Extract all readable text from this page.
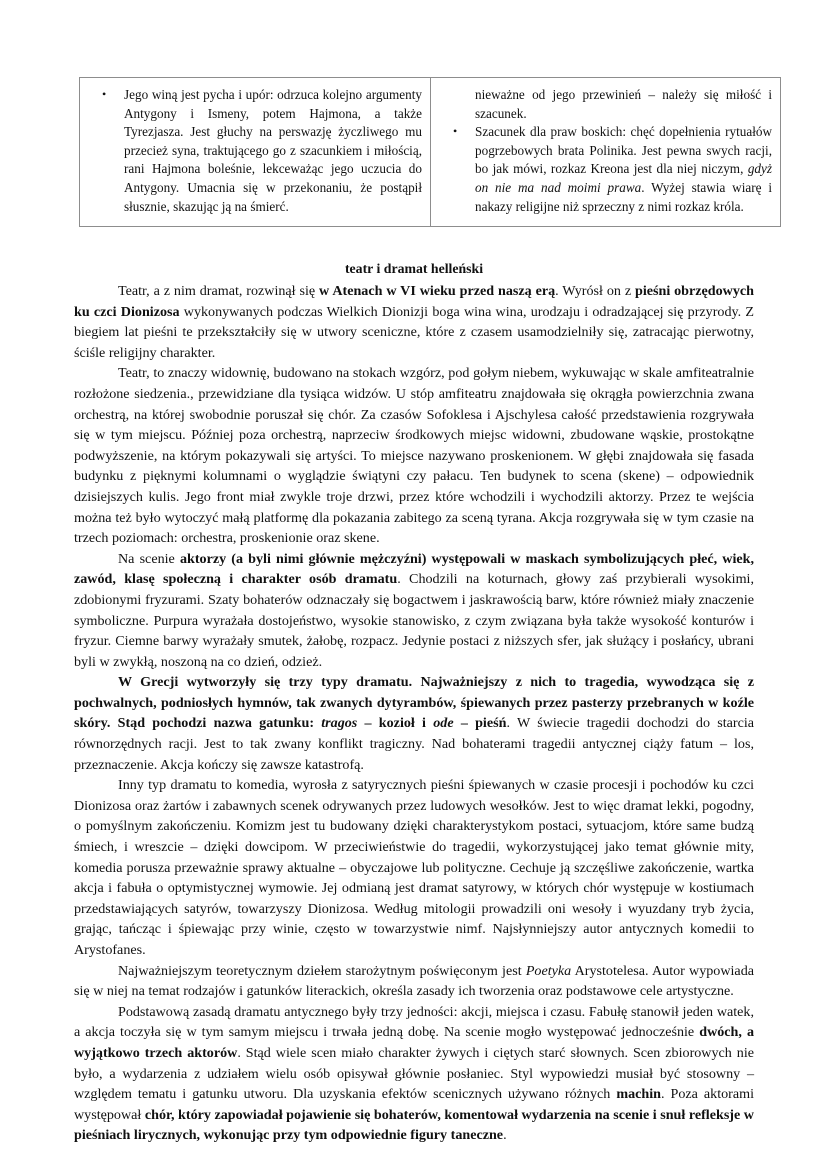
• Jego winą jest pycha i upór: odrzuca kolejno argumenty Antygony i Ismeny, potem Hajmona, a także Tyrezjasza. Jest głuchy na perswazję życzliwego mu przecież syna, traktującego go z szacunkiem i miłością, rani Hajmona boleśnie, lekceważąc jego uczucia do Antygony. Umacnia się w przekonaniu, że postąpił słusznie, skazując ją na śmierć.

nieważne od jego przewinień – należy się miłość i szacunek.
• Szacunek dla praw boskich: chęć dopełnienia rytuałów pogrzebowych brata Polinika. Jest pewna swych racji, bo jak mówi, rozkaz Kreona jest dla niej niczym, gdyż on nie ma nad moimi prawa. Wyżej stawia wiarę i nakazy religijne niż sprzeczny z nimi rozkaz króla.
teatr i dramat helleński

Teatr, a z nim dramat, rozwinął się w Atenach w VI wieku przed naszą erą. Wyrósł on z pieśni obrzędowych ku czci Dionizosa wykonywanych podczas Wielkich Dionizji boga wina wina, urodzaju i odradzającej się przyrody. Z biegiem lat pieśni te przekształciły się w utwory sceniczne, które z czasem usamodzielniły się, zatracając pierwotny, ściśle religijny charakter.

Teatr, to znaczy widownię, budowano na stokach wzgórz, pod gołym niebem, wykuwając w skale amfiteatralnie rozłożone siedzenia., przewidziane dla tysiąca widzów. U stóp amfiteatru znajdowała się okrągła powierzchnia zwana orchestrą, na której swobodnie poruszał się chór. Za czasów Sofoklesa i Ajschylesa całość przedstawienia rozgrywała się w tym miejscu. Później poza orchestrą, naprzeciw środkowych miejsc widowni, zbudowane wąskie, prostokątne podwyższenie, na którym pokazywali się artyści. To miejsce nazywano proskenionem. W głębi znajdowała się fasada budynku z pięknymi kolumnami o wyglądzie świątyni czy pałacu. Ten budynek to scena (skene) – odpowiednik dzisiejszych kulis. Jego front miał zwykle troje drzwi, przez które wchodzili i wychodzili aktorzy. Przez te wejścia można też było wytoczyć małą platformę dla pokazania zabitego za sceną tyrana. Akcja rozgrywała się w tym czasie na trzech poziomach: orchestra, proskenionie oraz skene.

Na scenie aktorzy (a byli nimi głównie mężczyźni) występowali w maskach symbolizujących płeć, wiek, zawód, klasę społeczną i charakter osób dramatu. Chodzili na koturnach, głowy zaś przybierali wysokimi, zdobionymi fryzurami. Szaty bohaterów odznaczały się bogactwem i jaskrawością barw, które również miały znaczenie symboliczne. Purpura wyrażała dostojeństwo, wysokie stanowisko, z czym związana była także wysokość konturów i fryzur. Ciemne barwy wyrażały smutek, żałobę, rozpacz. Jedynie postaci z niższych sfer, jak służący i posłańcy, ubrani byli w zwykłą, noszoną na co dzień, odzież.

W Grecji wytworzyły się trzy typy dramatu. Najważniejszy z nich to tragedia, wywodząca się z pochwalnych, podniosłych hymnów, tak zwanych dytyrambów, śpiewanych przez pasterzy przebranych w koźle skóry. Stąd pochodzi nazwa gatunku: tragos – kozioł i ode – pieśń. W świecie tragedii dochodzi do starcia równorzędnych racji. Jest to tak zwany konflikt tragiczny. Nad bohaterami tragedii antycznej ciąży fatum – los, przeznaczenie. Akcja kończy się zawsze katastrofą.

Inny typ dramatu to komedia, wyrosła z satyrycznych pieśni śpiewanych w czasie procesji i pochodów ku czci Dionizosa oraz żartów i zabawnych scenek odrywanych przez ludowych wesołków. Jest to więc dramat lekki, pogodny, o pomyślnym zakończeniu. Komizm jest tu budowany dzięki charakterystykom postaci, sytuacjom, które same budzą śmiech, i wreszcie – dzięki dowcipom. W przeciwieństwie do tragedii, wykorzystującej jako temat głównie mity, komedia porusza przeważnie sprawy aktualne – obyczajowe lub polityczne. Cechuje ją szczęśliwe zakończenie, wartka akcja i fabuła o optymistycznej wymowie. Jej odmianą jest dramat satyrowy, w których chór występuje w kostiumach przedstawiających satyrów, towarzyszy Dionizosa. Według mitologii prowadzili oni wesoły i wyuzdany tryb życia, grając, tańcząc i śpiewając przy winie, często w towarzystwie nimf. Najsłynniejszy autor antycznych komedii to Arystofanes.

Najważniejszym teoretycznym dziełem starożytnym poświęconym jest Poetyka Arystotelesa. Autor wypowiada się w niej na temat rodzajów i gatunków literackich, określa zasady ich tworzenia oraz podstawowe cele artystyczne.

Podstawową zasadą dramatu antycznego były trzy jedności: akcji, miejsca i czasu. Fabułę stanowił jeden watek, a akcja toczyła się w tym samym miejscu i trwała jedną dobę. Na scenie mogło występować jednocześnie dwóch, a wyjątkowo trzech aktorów. Stąd wiele scen miało charakter żywych i ciętych starć słownych. Scen zbiorowych nie było, a wydarzenia z udziałem wielu osób opisywał głównie posłaniec. Styl wypowiedzi musiał być stosowny – względem tematu i gatunku utworu. Dla uzyskania efektów scenicznych używano różnych machin. Poza aktorami występował chór, który zapowiadał pojawienie się bohaterów, komentował wydarzenia na scenie i snuł refleksje w pieśniach lirycznych, wykonując przy tym odpowiednie figury taneczne.
